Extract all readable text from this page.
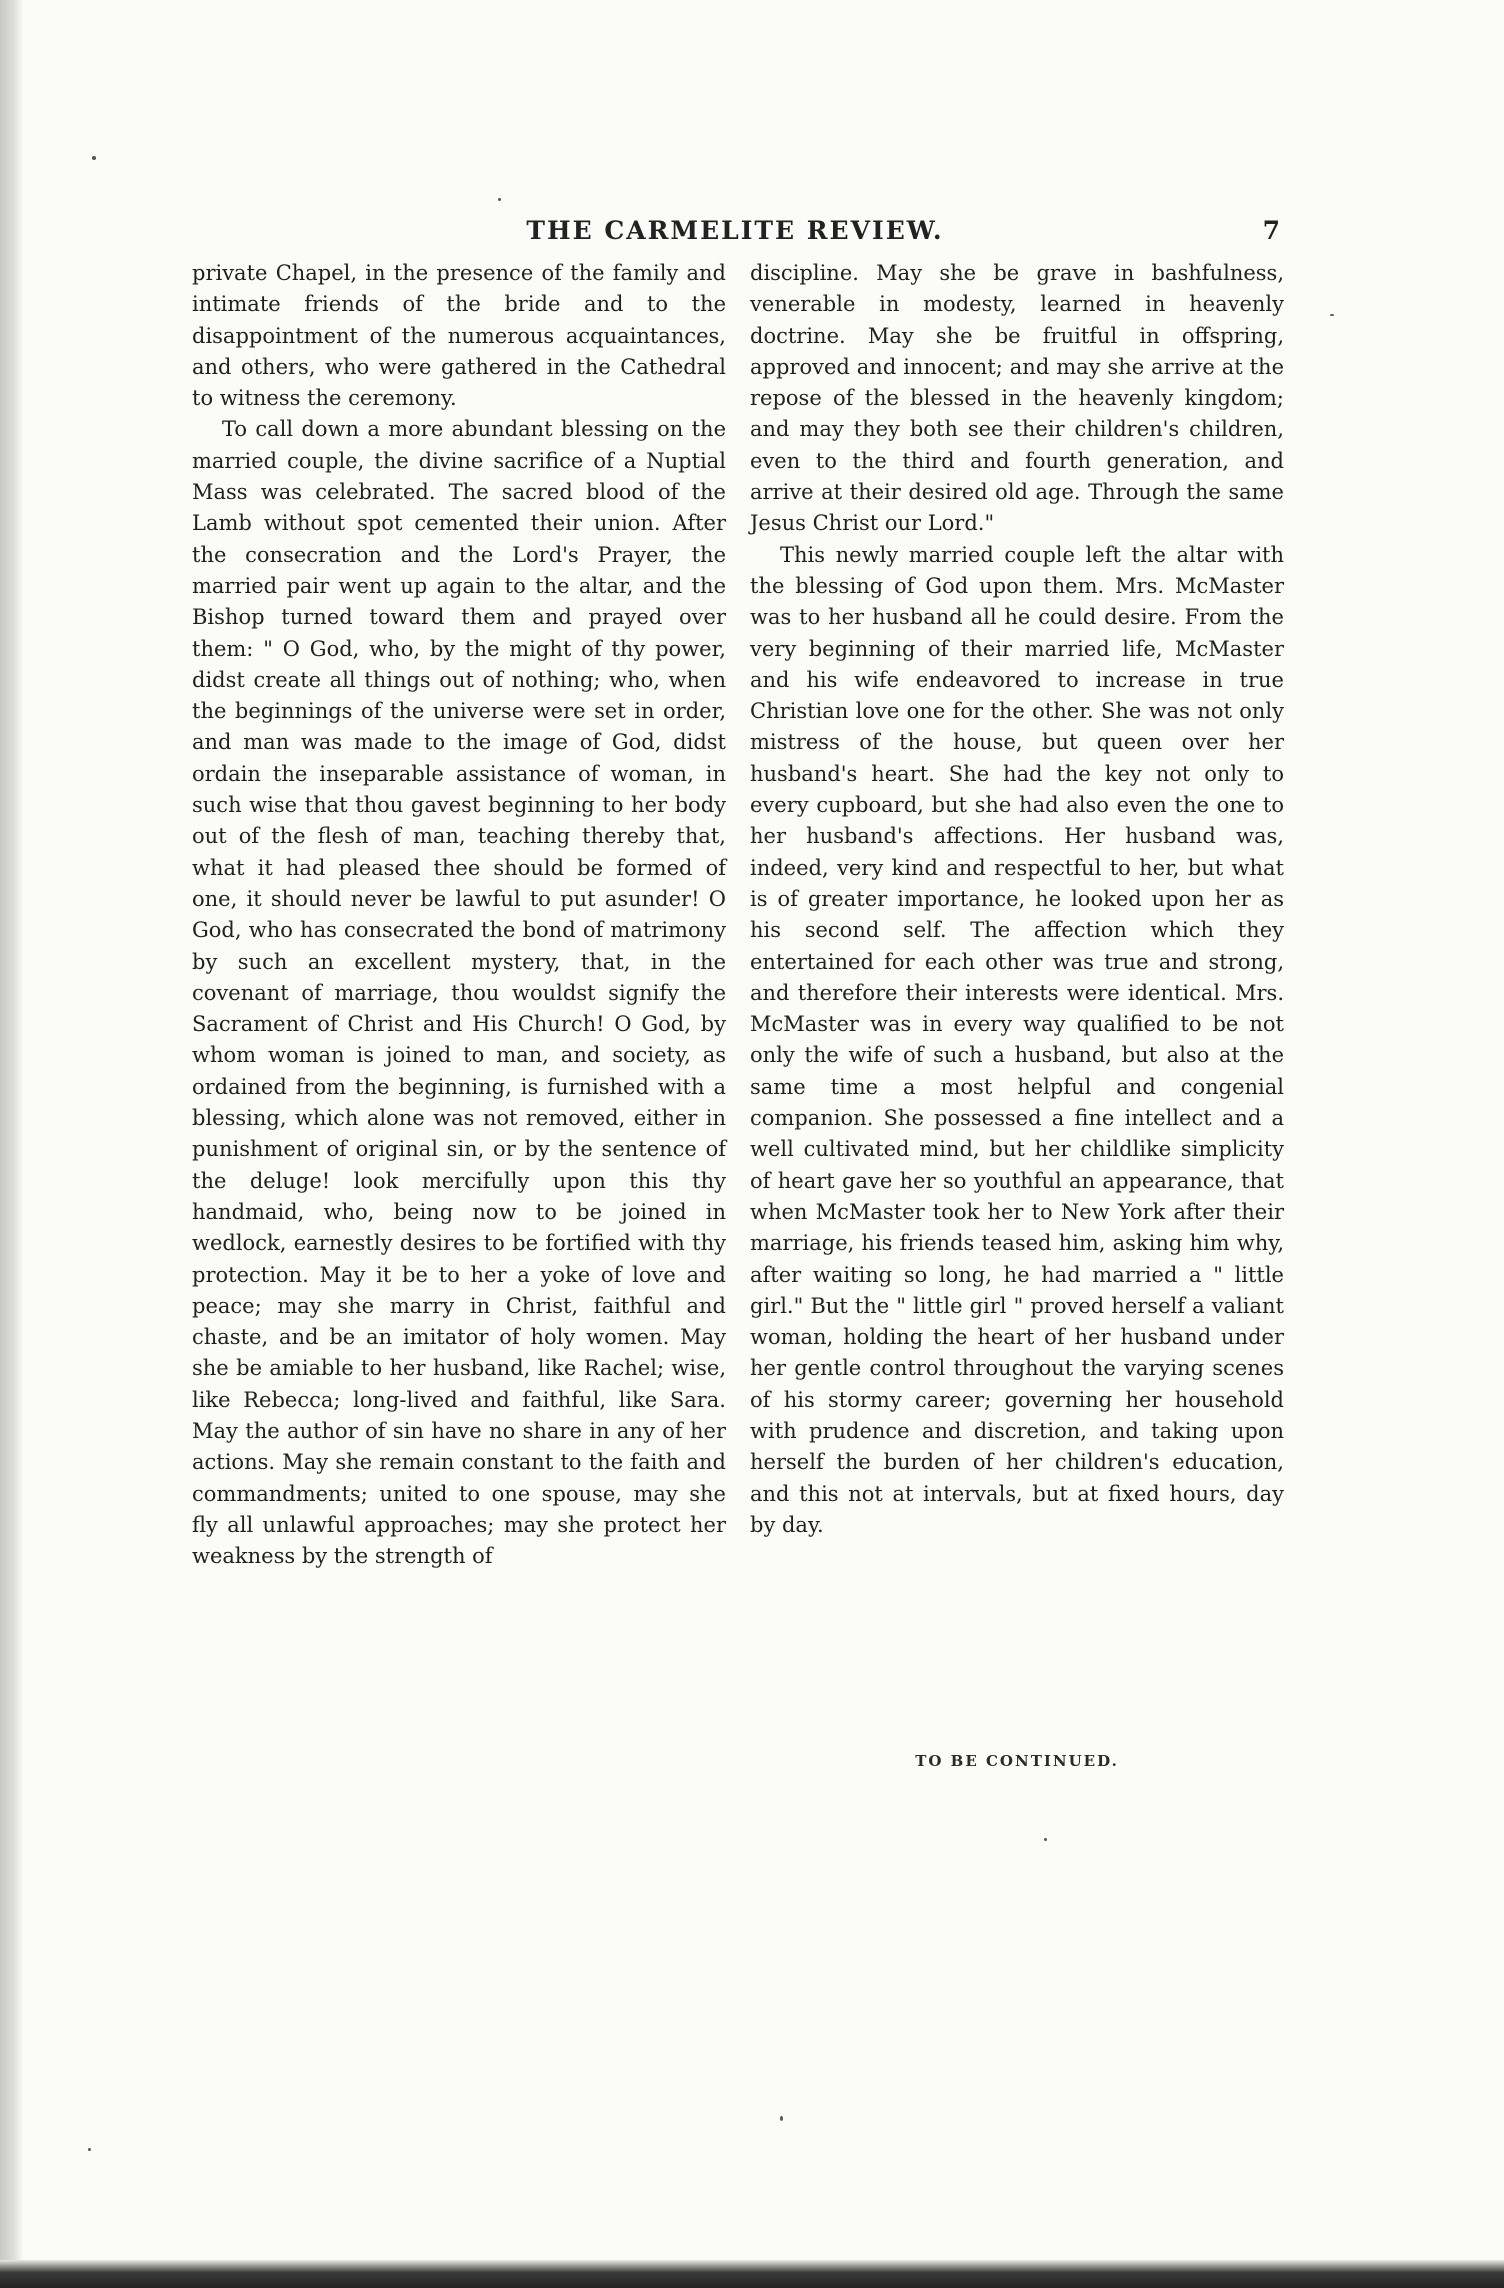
THE CARMELITE REVIEW.	7

private Chapel, in the presence of the family and intimate friends of the bride and to the disappointment of the numerous acquaintances, and others, who were gathered in the Cathedral to witness the ceremony.

To call down a more abundant blessing on the married couple, the divine sacrifice of a Nuptial Mass was celebrated. The sacred blood of the Lamb without spot cemented their union. After the consecration and the Lord's Prayer, the married pair went up again to the altar, and the Bishop turned toward them and prayed over them: " O God, who, by the might of thy power, didst create all things out of nothing; who, when the beginnings of the universe were set in order, and man was made to the image of God, didst ordain the inseparable assistance of woman, in such wise that thou gavest beginning to her body out of the flesh of man, teaching thereby that, what it had pleased thee should be formed of one, it should never be lawful to put asunder! O God, who has consecrated the bond of matrimony by such an excellent mystery, that, in the covenant of marriage, thou wouldst signify the Sacrament of Christ and His Church! O God, by whom woman is joined to man, and society, as ordained from the beginning, is furnished with a blessing, which alone was not removed, either in punishment of original sin, or by the sentence of the deluge! look mercifully upon this thy handmaid, who, being now to be joined in wedlock, earnestly desires to be fortified with thy protection. May it be to her a yoke of love and peace; may she marry in Christ, faithful and chaste, and be an imitator of holy women. May she be amiable to her husband, like Rachel; wise, like Rebecca; long-lived and faithful, like Sara. May the author of sin have no share in any of her actions. May she remain constant to the faith and commandments; united to one spouse, may she fly all unlawful approaches; may she protect her weakness by the strength of

discipline. May she be grave in bashfulness, venerable in modesty, learned in heavenly doctrine. May she be fruitful in offspring, approved and innocent; and may she arrive at the repose of the blessed in the heavenly kingdom; and may they both see their children's children, even to the third and fourth generation, and arrive at their desired old age. Through the same Jesus Christ our Lord."

This newly married couple left the altar with the blessing of God upon them. Mrs. McMaster was to her husband all he could desire. From the very beginning of their married life, McMaster and his wife endeavored to increase in true Christian love one for the other. She was not only mistress of the house, but queen over her husband's heart. She had the key not only to every cupboard, but she had also even the one to her husband's affections. Her husband was, indeed, very kind and respectful to her, but what is of greater importance, he looked upon her as his second self. The affection which they entertained for each other was true and strong, and therefore their interests were identical. Mrs. McMaster was in every way qualified to be not only the wife of such a husband, but also at the same time a most helpful and congenial companion. She possessed a fine intellect and a well cultivated mind, but her childlike simplicity of heart gave her so youthful an appearance, that when McMaster took her to New York after their marriage, his friends teased him, asking him why, after waiting so long, he had married a " little girl." But the " little girl " proved herself a valiant woman, holding the heart of her husband under her gentle control throughout the varying scenes of his stormy career; governing her household with prudence and discretion, and taking upon herself the burden of her children's education, and this not at intervals, but at fixed hours, day by day.

TO BE CONTINUED.
